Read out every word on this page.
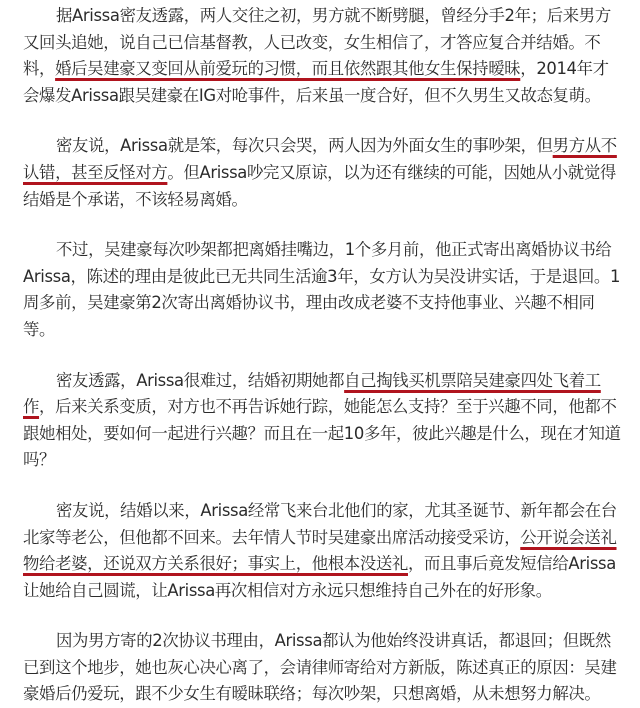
据Arissa密友透露，两人交往之初，男方就不断劈腿，曾经分手2年；后来男方又回头追她，说自己已信基督教，人已改变，女生相信了，才答应复合并结婚。不料，婚后吴建豪又变回从前爱玩的习惯，而且依然跟其他女生保持暧昧，2014年才会爆发Arissa跟吴建豪在IG对呛事件，后来虽一度合好，但不久男生又故态复萌。

密友说，Arissa就是笨，每次只会哭，两人因为外面女生的事吵架，但男方从不认错，甚至反怪对方。但Arissa吵完又原谅，以为还有继续的可能，因她从小就觉得结婚是个承诺，不该轻易离婚。

不过，吴建豪每次吵架都把离婚挂嘴边，1个多月前，他正式寄出离婚协议书给Arissa，陈述的理由是彼此已无共同生活逾3年，女方认为吴没讲实话，于是退回。1周多前，吴建豪第2次寄出离婚协议书，理由改成老婆不支持他事业、兴趣不相同等。

密友透露，Arissa很难过，结婚初期她都自己掏钱买机票陪吴建豪四处飞着工作，后来关系变质，对方也不再告诉她行踪，她能怎么支持？至于兴趣不同，他都不跟她相处，要如何一起进行兴趣？而且在一起10多年，彼此兴趣是什么，现在才知道吗？

密友说，结婚以来，Arissa经常飞来台北他们的家，尤其圣诞节、新年都会在台北家等老公，但他都不回来。去年情人节时吴建豪出席活动接受采访，公开说会送礼物给老婆，还说双方关系很好；事实上，他根本没送礼，而且事后竟发短信给Arissa让她给自己圆谎，让Arissa再次相信对方永远只想维持自己外在的好形象。

因为男方寄的2次协议书理由，Arissa都认为他始终没讲真话，都退回；但既然已到这个地步，她也灰心决心离了，会请律师寄给对方新版，陈述真正的原因：吴建豪婚后仍爱玩，跟不少女生有暧昧联络；每次吵架，只想离婚，从未想努力解决。
